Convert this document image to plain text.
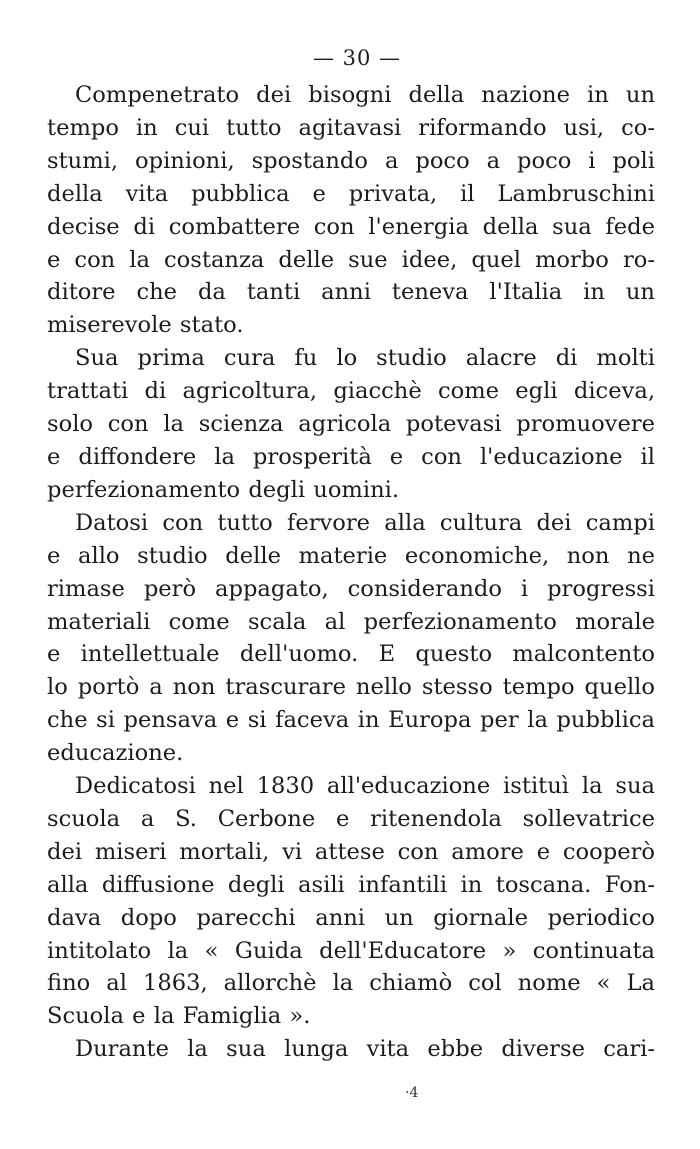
— 30 —
Compenetrato dei bisogni della nazione in un
tempo in cui tutto agitavasi riformando usi, co-
stumi, opinioni, spostando a poco a poco i poli
della vita pubblica e privata, il Lambruschini
decise di combattere con l'energia della sua fede
e con la costanza delle sue idee, quel morbo ro-
ditore che da tanti anni teneva l'Italia in un
miserevole stato.
Sua prima cura fu lo studio alacre di molti
trattati di agricoltura, giacchè come egli diceva,
solo con la scienza agricola potevasi promuovere
e diffondere la prosperità e con l'educazione il
perfezionamento degli uomini.
Datosi con tutto fervore alla cultura dei campi
e allo studio delle materie economiche, non ne
rimase però appagato, considerando i progressi
materiali come scala al perfezionamento morale
e intellettuale dell'uomo. E questo malcontento
lo portò a non trascurare nello stesso tempo quello
che si pensava e si faceva in Europa per la pubblica
educazione.
Dedicatosi nel 1830 all'educazione istituì la sua
scuola a S. Cerbone e ritenendola sollevatrice
dei miseri mortali, vi attese con amore e cooperò
alla diffusione degli asili infantili in toscana. Fon-
dava dopo parecchi anni un giornale periodico
intitolato la « Guida dell'Educatore » continuata
fino al 1863, allorchè la chiamò col nome « La
Scuola e la Famiglia ».
Durante la sua lunga vita ebbe diverse cari-
·4
